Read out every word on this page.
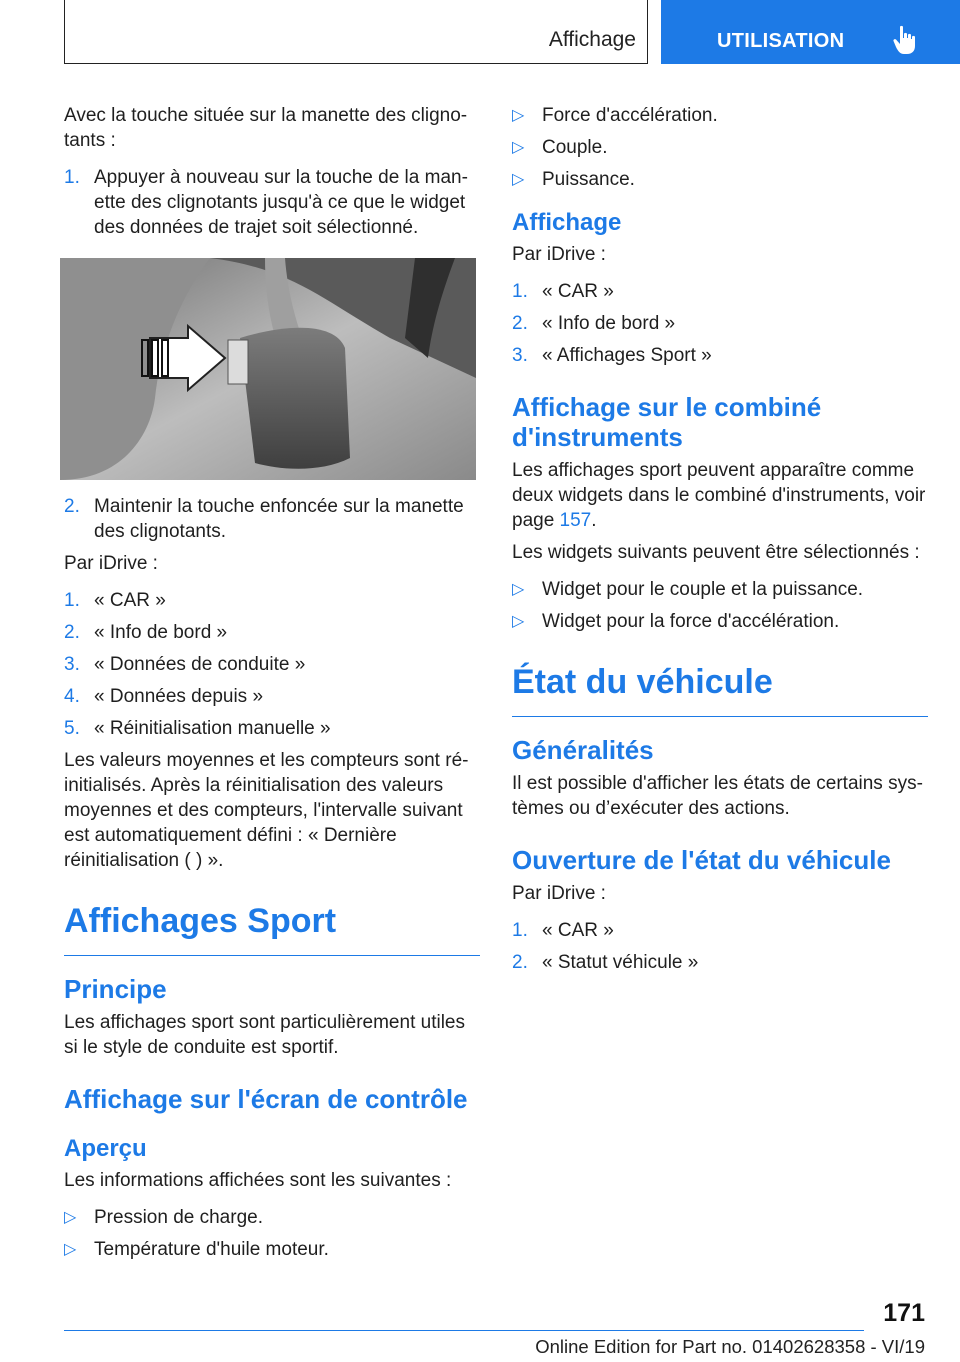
Affichage	UTILISATION

Avec la touche située sur la manette des cligno-tants :

1. Appuyer à nouveau sur la touche de la man-ette des clignotants jusqu'à ce que le widget des données de trajet soit sélectionné.
2. Maintenir la touche enfoncée sur la manette des clignotants.

Par iDrive :

1. « CAR »
2. « Info de bord »
3. « Données de conduite »
4. « Données depuis »
5. « Réinitialisation manuelle »

Les valeurs moyennes et les compteurs sont ré-initialisés. Après la réinitialisation des valeurs moyennes et des compteurs, l'intervalle suivant est automatiquement défini : « Dernière réinitialisation ( ) ».

Affichages Sport
Principe

Les affichages sport sont particulièrement utiles si le style de conduite est sportif.

Affichage sur l'écran de contrôle
Aperçu

Les informations affichées sont les suivantes :

▷ Pression de charge.
▷ Température d'huile moteur.
▷ Force d'accélération.
▷ Couple.
▷ Puissance.
Affichage

Par iDrive :

1. « CAR »
2. « Info de bord »
3. « Affichages Sport »
Affichage sur le combiné d'instruments

Les affichages sport peuvent apparaître comme deux widgets dans le combiné d'instruments, voir page 157.

Les widgets suivants peuvent être sélectionnés :

▷ Widget pour le couple et la puissance.
▷ Widget pour la force d'accélération.
État du véhicule
Généralités

Il est possible d'afficher les états de certains sys-tèmes ou d’exécuter des actions.

Ouverture de l'état du véhicule

Par iDrive :

1. « CAR »
2. « Statut véhicule »
171
Online Edition for Part no. 01402628358 - VI/19
